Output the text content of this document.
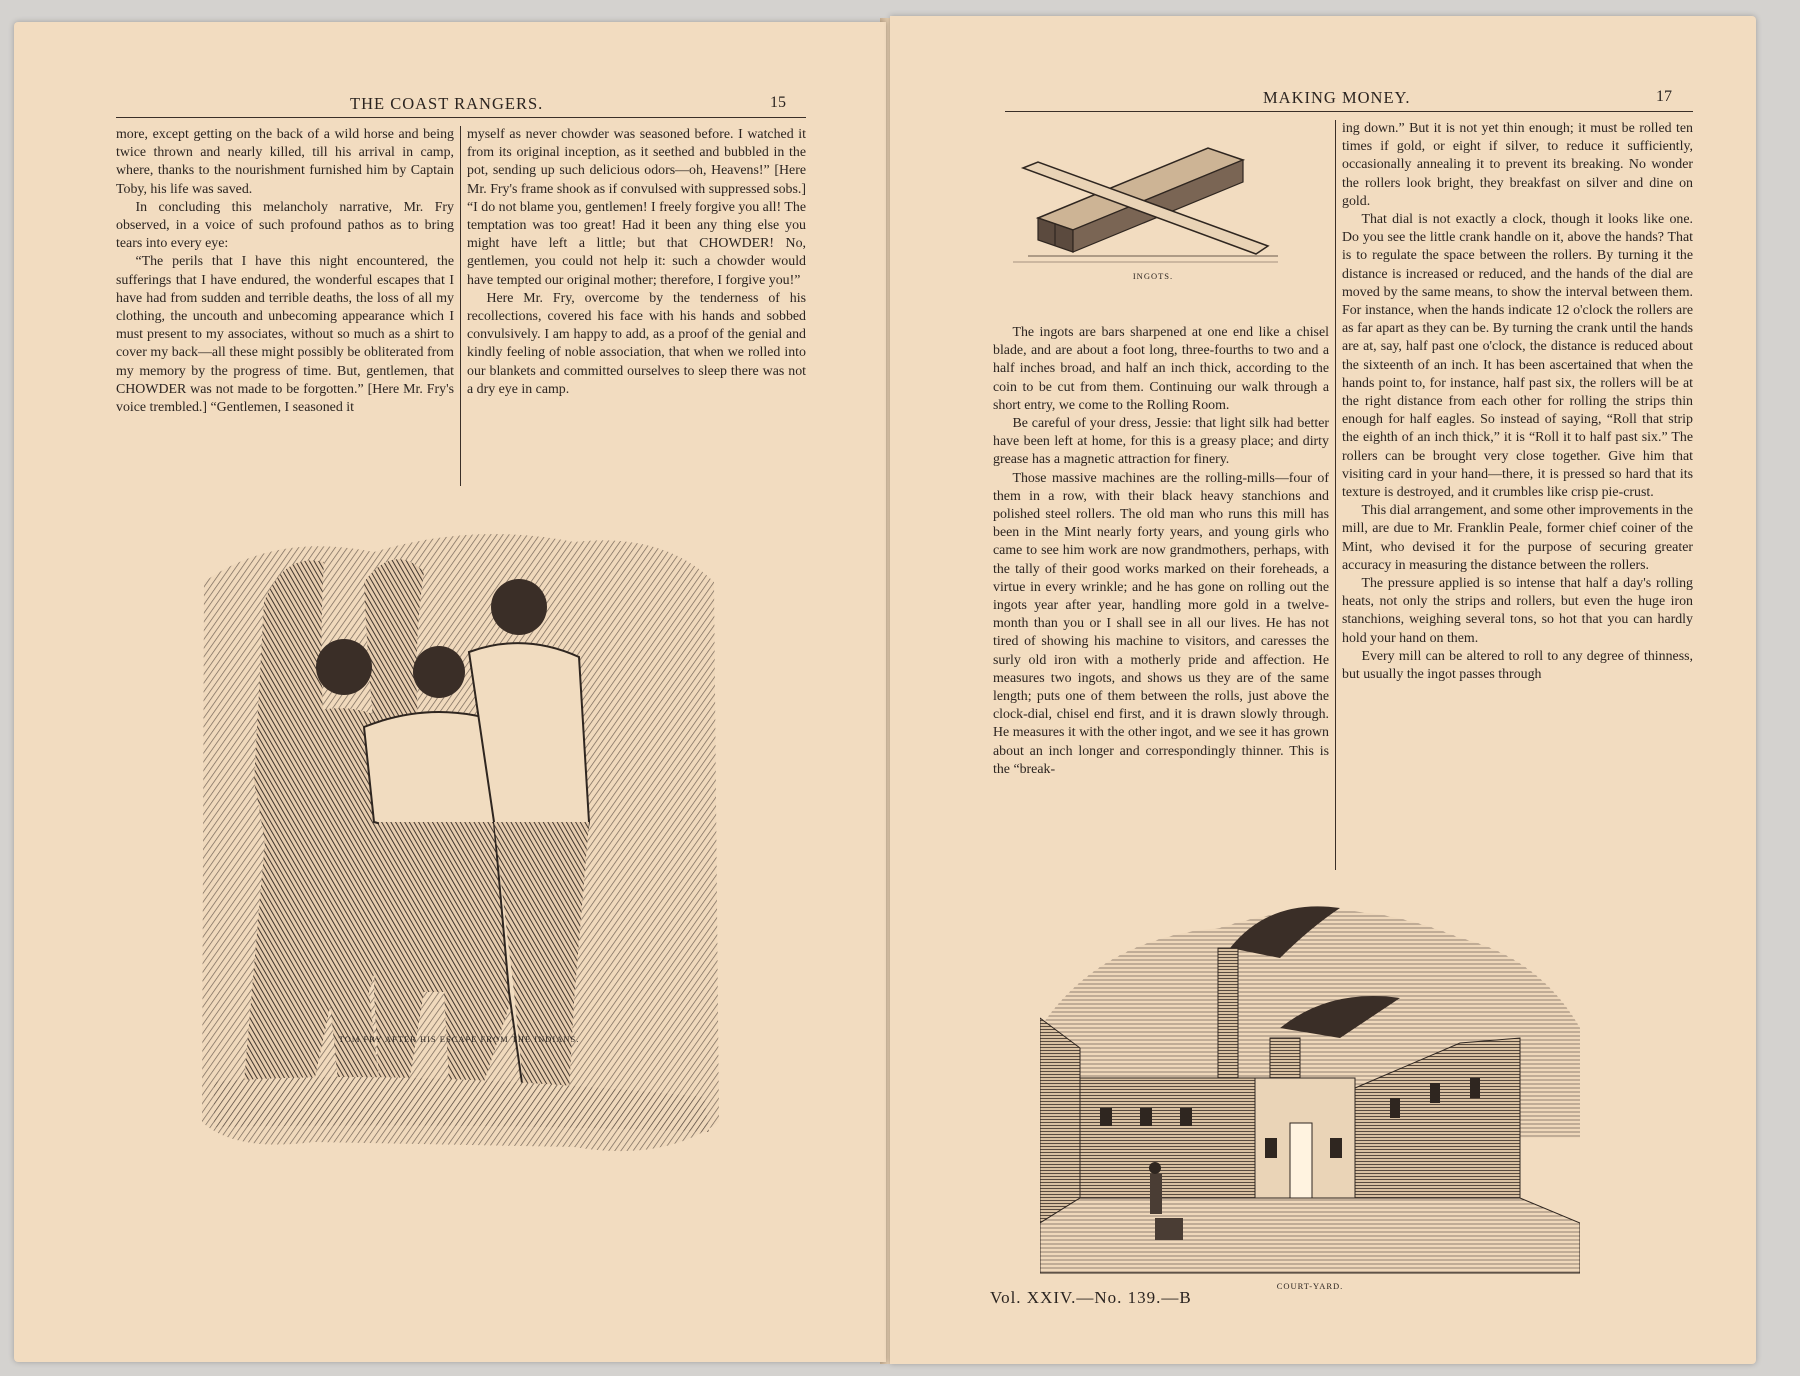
THE COAST RANGERS.	15

more, except getting on the back of a wild horse and being twice thrown and nearly killed, till his arrival in camp, where, thanks to the nourishment furnished him by Captain Toby, his life was saved.

In concluding this melancholy narrative, Mr. Fry observed, in a voice of such profound pathos as to bring tears into every eye:

“The perils that I have this night encountered, the sufferings that I have endured, the wonderful escapes that I have had from sudden and terrible deaths, the loss of all my clothing, the uncouth and unbecoming appearance which I must present to my associates, without so much as a shirt to cover my back—all these might possibly be obliterated from my memory by the progress of time. But, gentlemen, that CHOWDER was not made to be forgotten.” [Here Mr. Fry's voice trembled.] “Gentlemen, I seasoned it

myself as never chowder was seasoned before. I watched it from its original inception, as it seethed and bubbled in the pot, sending up such delicious odors—oh, Heavens!” [Here Mr. Fry's frame shook as if convulsed with suppressed sobs.] “I do not blame you, gentlemen! I freely forgive you all! The temptation was too great! Had it been any thing else you might have left a little; but that CHOWDER! No, gentlemen, you could not help it: such a chowder would have tempted our original mother; therefore, I forgive you!”

Here Mr. Fry, overcome by the tenderness of his recollections, covered his face with his hands and sobbed convulsively. I am happy to add, as a proof of the genial and kindly feeling of noble association, that when we rolled into our blankets and committed ourselves to sleep there was not a dry eye in camp.

TOM FRY AFTER HIS ESCAPE FROM THE INDIANS.
MAKING MONEY.	17
INGOTS.

The ingots are bars sharpened at one end like a chisel blade, and are about a foot long, three-fourths to two and a half inches broad, and half an inch thick, according to the coin to be cut from them. Continuing our walk through a short entry, we come to the Rolling Room.

Be careful of your dress, Jessie: that light silk had better have been left at home, for this is a greasy place; and dirty grease has a magnetic attraction for finery.

Those massive machines are the rolling-mills—four of them in a row, with their black heavy stanchions and polished steel rollers. The old man who runs this mill has been in the Mint nearly forty years, and young girls who came to see him work are now grandmothers, perhaps, with the tally of their good works marked on their foreheads, a virtue in every wrinkle; and he has gone on rolling out the ingots year after year, handling more gold in a twelve-month than you or I shall see in all our lives. He has not tired of showing his machine to visitors, and caresses the surly old iron with a motherly pride and affection. He measures two ingots, and shows us they are of the same length; puts one of them between the rolls, just above the clock-dial, chisel end first, and it is drawn slowly through. He measures it with the other ingot, and we see it has grown about an inch longer and correspondingly thinner. This is the “break-

ing down.” But it is not yet thin enough; it must be rolled ten times if gold, or eight if silver, to reduce it sufficiently, occasionally annealing it to prevent its breaking. No wonder the rollers look bright, they breakfast on silver and dine on gold.

That dial is not exactly a clock, though it looks like one. Do you see the little crank handle on it, above the hands? That is to regulate the space between the rollers. By turning it the distance is increased or reduced, and the hands of the dial are moved by the same means, to show the interval between them. For instance, when the hands indicate 12 o'clock the rollers are as far apart as they can be. By turning the crank until the hands are at, say, half past one o'clock, the distance is reduced about the sixteenth of an inch. It has been ascertained that when the hands point to, for instance, half past six, the rollers will be at the right distance from each other for rolling the strips thin enough for half eagles. So instead of saying, “Roll that strip the eighth of an inch thick,” it is “Roll it to half past six.” The rollers can be brought very close together. Give him that visiting card in your hand—there, it is pressed so hard that its texture is destroyed, and it crumbles like crisp pie-crust.

This dial arrangement, and some other improvements in the mill, are due to Mr. Franklin Peale, former chief coiner of the Mint, who devised it for the purpose of securing greater accuracy in measuring the distance between the rollers.

The pressure applied is so intense that half a day's rolling heats, not only the strips and rollers, but even the huge iron stanchions, weighing several tons, so hot that you can hardly hold your hand on them.

Every mill can be altered to roll to any degree of thinness, but usually the ingot passes through

COURT-YARD.
Vol. XXIV.—No. 139.—B
